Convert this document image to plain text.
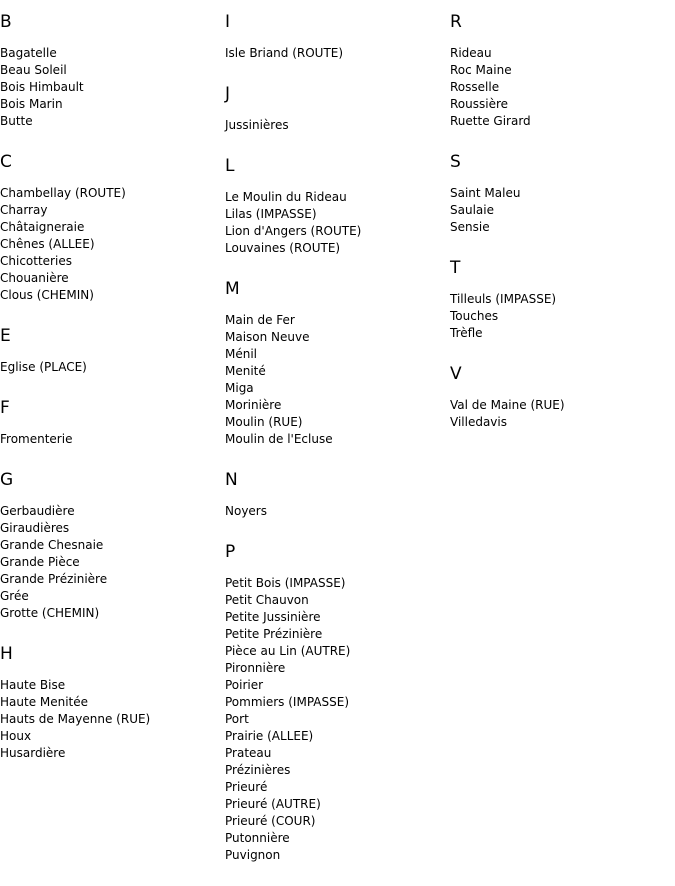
B
Bagatelle
Beau Soleil
Bois Himbault
Bois Marin
Butte
C
Chambellay (ROUTE)
Charray
Châtaigneraie
Chênes (ALLEE)
Chicotteries
Chouanière
Clous (CHEMIN)
E
Eglise (PLACE)
F
Fromenterie
G
Gerbaudière
Giraudières
Grande Chesnaie
Grande Pièce
Grande Prézinière
Grée
Grotte (CHEMIN)
H
Haute Bise
Haute Menitée
Hauts de Mayenne (RUE)
Houx
Husardière
I
Isle Briand (ROUTE)
J
Jussinières
L
Le Moulin du Rideau
Lilas (IMPASSE)
Lion d'Angers (ROUTE)
Louvaines (ROUTE)
M
Main de Fer
Maison Neuve
Ménil
Menité
Miga
Morinière
Moulin (RUE)
Moulin de l'Ecluse
N
Noyers
P
Petit Bois (IMPASSE)
Petit Chauvon
Petite Jussinière
Petite Prézinière
Pièce au Lin (AUTRE)
Pironnière
Poirier
Pommiers (IMPASSE)
Port
Prairie (ALLEE)
Prateau
Prézinières
Prieuré
Prieuré (AUTRE)
Prieuré (COUR)
Putonnière
Puvignon
R
Rideau
Roc Maine
Rosselle
Roussière
Ruette Girard
S
Saint Maleu
Saulaie
Sensie
T
Tilleuls (IMPASSE)
Touches
Trèfle
V
Val de Maine (RUE)
Villedavis
